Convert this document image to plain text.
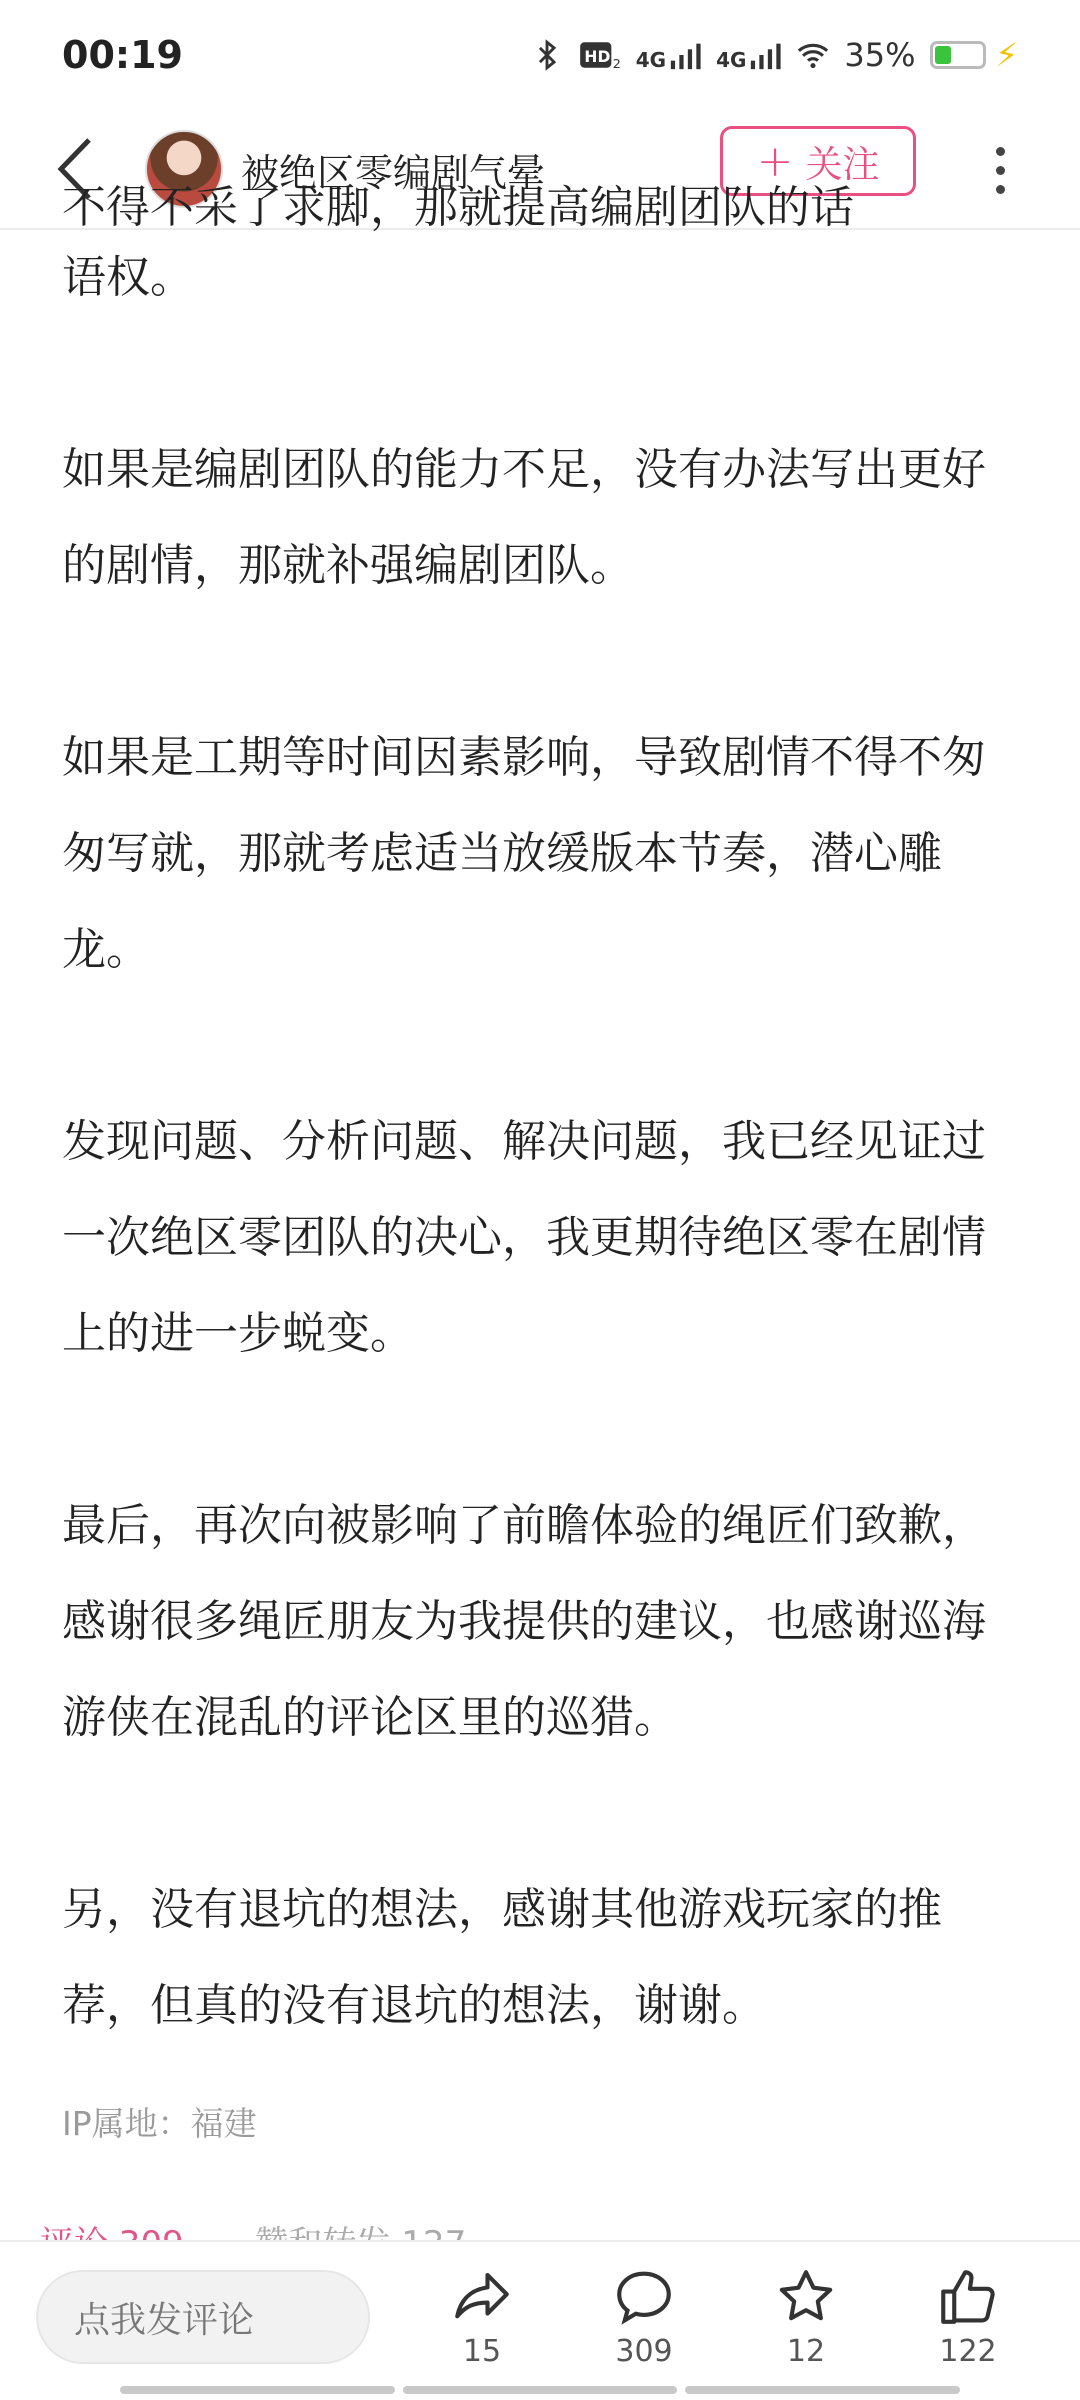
00:19	HD 2 4G	4G	35%	⚡
被绝区零编剧气晕	+ 关注
不得不采了求脚，那就提高编剧团队的话

语权。

如果是编剧团队的能力不足，没有办法写出更好的剧情，那就补强编剧团队。

如果是工期等时间因素影响，导致剧情不得不匆匆写就，那就考虑适当放缓版本节奏，潜心雕龙。

发现问题、分析问题、解决问题，我已经见证过一次绝区零团队的决心，我更期待绝区零在剧情上的进一步蜕变。

最后，再次向被影响了前瞻体验的绳匠们致歉，感谢很多绳匠朋友为我提供的建议，也感谢巡海游侠在混乱的评论区里的巡猎。

另，没有退坑的想法，感谢其他游戏玩家的推荐，但真的没有退坑的想法，谢谢。

IP属地：福建

点我发评论
15	309	12	122
